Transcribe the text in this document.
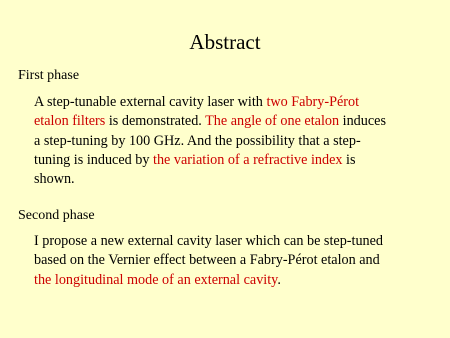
Abstract
First phase
A step-tunable external cavity laser with two Fabry-Pérot
etalon filters is demonstrated. The angle of one etalon induces
a step-tuning by 100 GHz. And the possibility that a step-
tuning is induced by the variation of a refractive index is
shown.
Second phase
I propose a new external cavity laser which can be step-tuned
based on the Vernier effect between a Fabry-Pérot etalon and
the longitudinal mode of an external cavity.
